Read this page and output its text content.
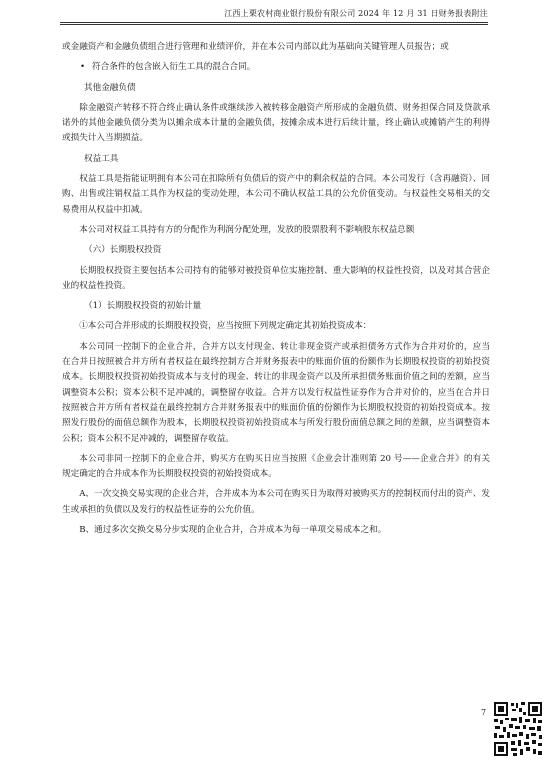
江西上栗农村商业银行股份有限公司 2024 年 12 月 31 日财务报表附注

或金融资产和金融负债组合进行管理和业绩评价，并在本公司内部以此为基础向关键管理人员报告；或

• 符合条件的包含嵌入衍生工具的混合合同。

其他金融负债

除金融资产转移不符合终止确认条件或继续涉入被转移金融资产所形成的金融负债、财务担保合同及贷款承诺外的其他金融负债分类为以摊余成本计量的金融负债，按摊余成本进行后续计量，终止确认或摊销产生的利得或损失计入当期损益。

权益工具

权益工具是指能证明拥有本公司在扣除所有负债后的资产中的剩余权益的合同。本公司发行（含再融资）、回购、出售或注销权益工具作为权益的变动处理，本公司不确认权益工具的公允价值变动。与权益性交易相关的交易费用从权益中扣减。

本公司对权益工具持有方的分配作为利润分配处理，发放的股票股利不影响股东权益总额

（六）长期股权投资

长期股权投资主要包括本公司持有的能够对被投资单位实施控制、重大影响的权益性投资，以及对其合营企业的权益性投资。

（1）长期股权投资的初始计量

①本公司合并形成的长期股权投资，应当按照下列规定确定其初始投资成本：

本公司同一控制下的企业合并，合并方以支付现金、转让非现金资产或承担债务方式作为合并对价的，应当在合并日按照被合并方所有者权益在最终控制方合并财务报表中的账面价值的份额作为长期股权投资的初始投资成本。长期股权投资初始投资成本与支付的现金、转让的非现金资产以及所承担债务账面价值之间的差额，应当调整资本公积；资本公积不足冲减的，调整留存收益。合并方以发行权益性证券作为合并对价的，应当在合并日按照被合并方所有者权益在最终控制方合并财务报表中的账面价值的份额作为长期股权投资的初始投资成本。按照发行股份的面值总额作为股本，长期股权投资初始投资成本与所发行股份面值总额之间的差额，应当调整资本公积；资本公积不足冲减的，调整留存收益。

本公司非同一控制下的企业合并，购买方在购买日应当按照《企业会计准则第 20 号——企业合并》的有关规定确定的合并成本作为长期股权投资的初始投资成本。

A、一次交换交易实现的企业合并，合并成本为本公司在购买日为取得对被购买方的控制权而付出的资产、发生或承担的负债以及发行的权益性证券的公允价值。

B、通过多次交换交易分步实现的企业合并，合并成本为每一单项交易成本之和。

7
